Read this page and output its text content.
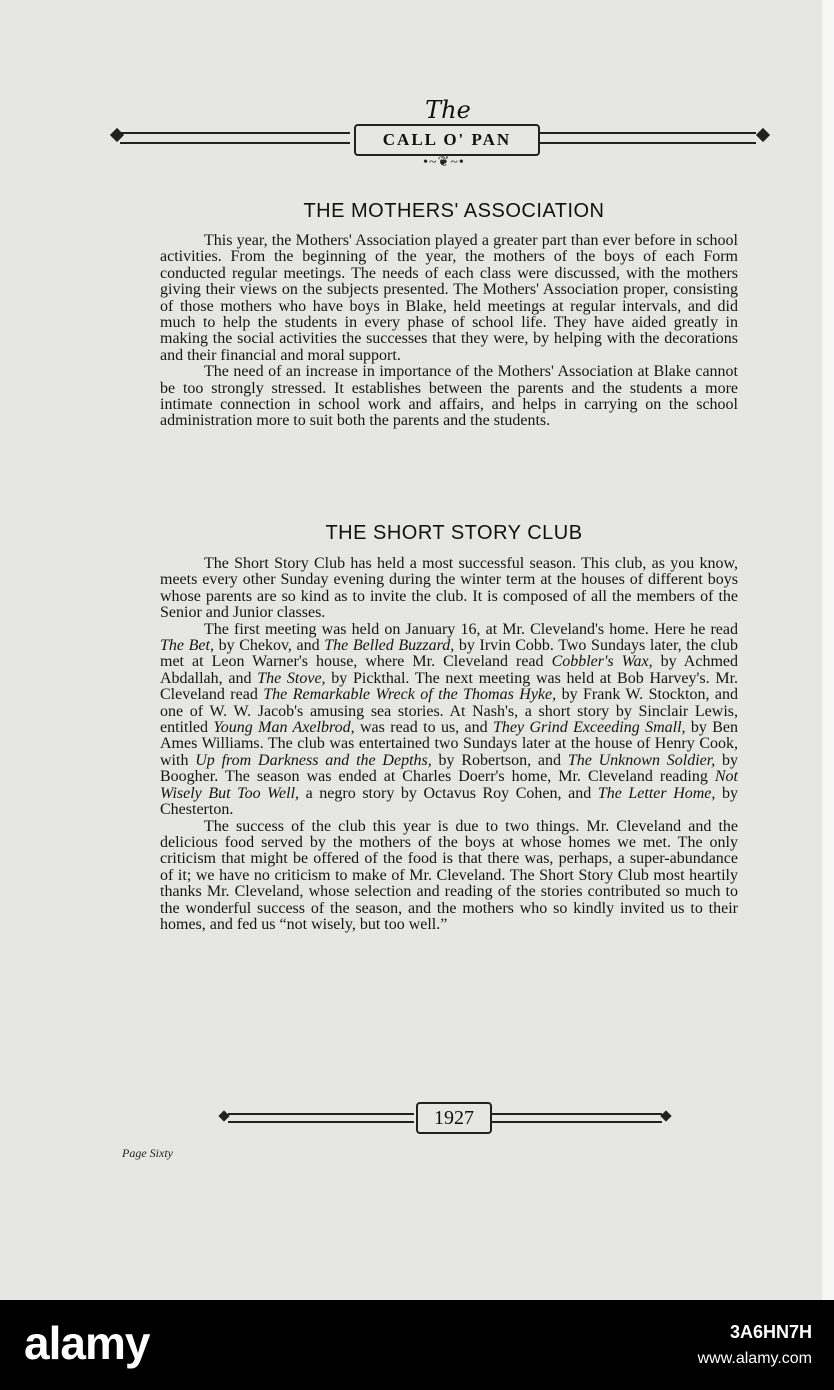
The
CALL O' PAN
•~❦~•
THE MOTHERS' ASSOCIATION

This year, the Mothers' Association played a greater part than ever before in school activities. From the beginning of the year, the mothers of the boys of each Form conducted regular meetings. The needs of each class were discussed, with the mothers giving their views on the subjects presented. The Mothers' Association proper, consisting of those mothers who have boys in Blake, held meetings at regular intervals, and did much to help the students in every phase of school life. They have aided greatly in making the social activities the successes that they were, by helping with the decorations and their financial and moral support.

The need of an increase in importance of the Mothers' Association at Blake cannot be too strongly stressed. It establishes between the parents and the students a more intimate connection in school work and affairs, and helps in carrying on the school administration more to suit both the parents and the students.

THE SHORT STORY CLUB

The Short Story Club has held a most successful season. This club, as you know, meets every other Sunday evening during the winter term at the houses of different boys whose parents are so kind as to invite the club. It is composed of all the members of the Senior and Junior classes.

The first meeting was held on January 16, at Mr. Cleveland's home. Here he read The Bet, by Chekov, and The Belled Buzzard, by Irvin Cobb. Two Sundays later, the club met at Leon Warner's house, where Mr. Cleveland read Cobbler's Wax, by Achmed Abdallah, and The Stove, by Pickthal. The next meeting was held at Bob Harvey's. Mr. Cleveland read The Remarkable Wreck of the Thomas Hyke, by Frank W. Stockton, and one of W. W. Jacob's amusing sea stories. At Nash's, a short story by Sinclair Lewis, entitled Young Man Axelbrod, was read to us, and They Grind Exceeding Small, by Ben Ames Williams. The club was entertained two Sundays later at the house of Henry Cook, with Up from Darkness and the Depths, by Robertson, and The Unknown Soldier, by Boogher. The season was ended at Charles Doerr's home, Mr. Cleveland reading Not Wisely But Too Well, a negro story by Octavus Roy Cohen, and The Letter Home, by Chesterton.

The success of the club this year is due to two things. Mr. Cleveland and the delicious food served by the mothers of the boys at whose homes we met. The only criticism that might be offered of the food is that there was, perhaps, a super-abundance of it; we have no criticism to make of Mr. Cleveland. The Short Story Club most heartily thanks Mr. Cleveland, whose selection and reading of the stories contributed so much to the wonderful success of the season, and the mothers who so kindly invited us to their homes, and fed us “not wisely, but too well.”

1927
Page Sixty
alamy	3A6HN7H
www.alamy.com
